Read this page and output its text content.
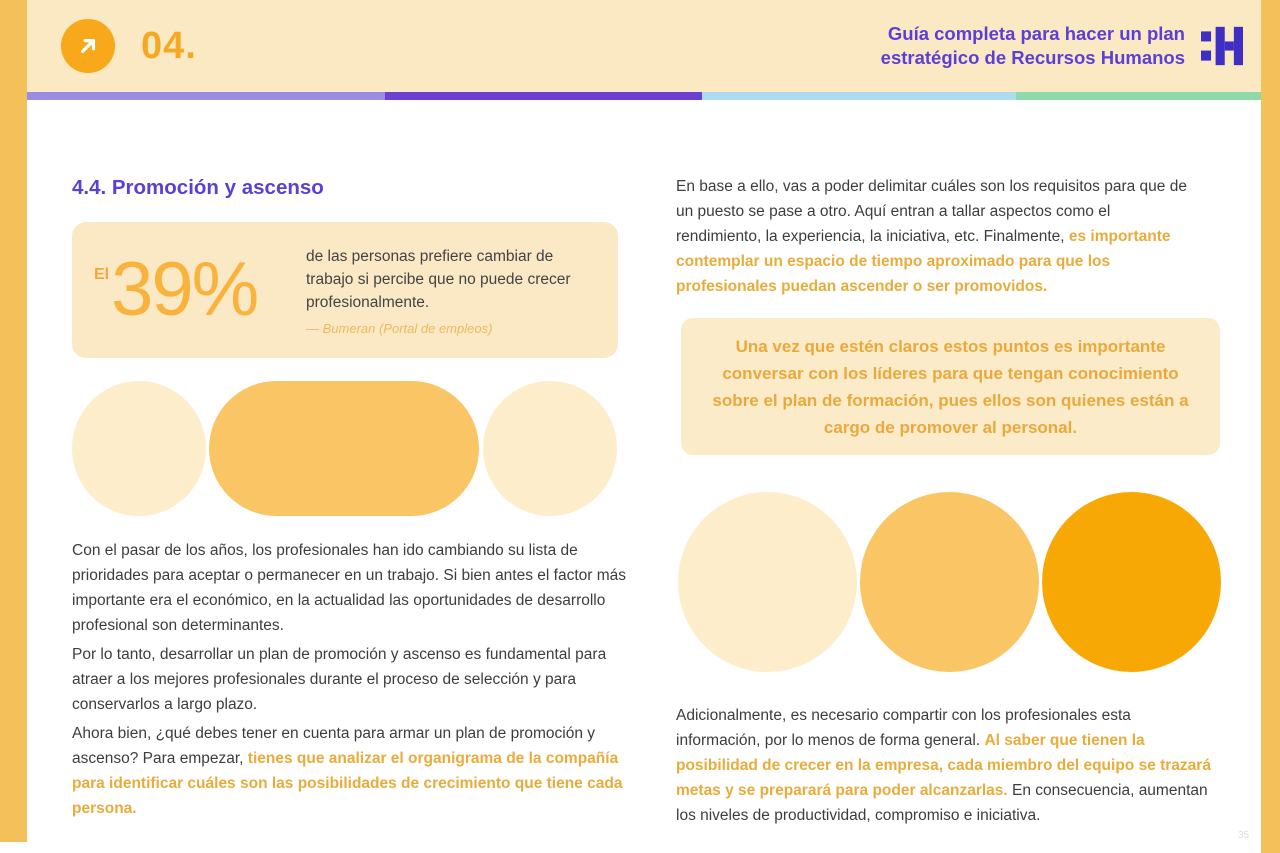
04.	Guía completa para hacer un plan
estratégico de Recursos Humanos
4.4. Promoción y ascenso
El 39%	de las personas prefiere cambiar de trabajo si percibe que no puede crecer profesionalmente.
— Bumeran (Portal de empleos)

Con el pasar de los años, los profesionales han ido cambiando su lista de prioridades para aceptar o permanecer en un trabajo. Si bien antes el factor más importante era el económico, en la actualidad las oportunidades de desarrollo profesional son determinantes.

Por lo tanto, desarrollar un plan de promoción y ascenso es fundamental para atraer a los mejores profesionales durante el proceso de selección y para conservarlos a largo plazo.

Ahora bien, ¿qué debes tener en cuenta para armar un plan de promoción y ascenso? Para empezar, tienes que analizar el organigrama de la compañía para identificar cuáles son las posibilidades de crecimiento que tiene cada persona.

En base a ello, vas a poder delimitar cuáles son los requisitos para que de un puesto se pase a otro. Aquí entran a tallar aspectos como el rendimiento, la experiencia, la iniciativa, etc. Finalmente, es importante contemplar un espacio de tiempo aproximado para que los profesionales puedan ascender o ser promovidos.

Una vez que estén claros estos puntos es importante conversar con los líderes para que tengan conocimiento sobre el plan de formación, pues ellos son quienes están a cargo de promover al personal.

Adicionalmente, es necesario compartir con los profesionales esta información, por lo menos de forma general. Al saber que tienen la posibilidad de crecer en la empresa, cada miembro del equipo se trazará metas y se preparará para poder alcanzarlas. En consecuencia, aumentan los niveles de productividad, compromiso e iniciativa.

35
